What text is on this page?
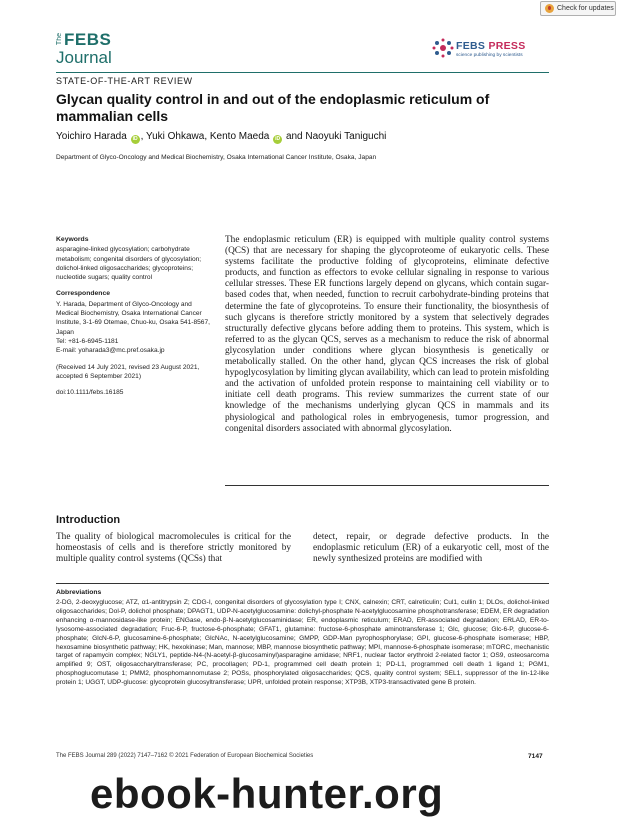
Check for updates
The FEBS
Journal
FEBS PRESS
science publishing by scientists
STATE-OF-THE-ART REVIEW
Glycan quality control in and out of the endoplasmic reticulum of mammalian cells
Yoichiro Harada iD , Yuki Ohkawa, Kento Maeda iD and Naoyuki Taniguchi
Department of Glyco-Oncology and Medical Biochemistry, Osaka International Cancer Institute, Osaka, Japan
Keywords
asparagine-linked glycosylation; carbohydrate metabolism; congenital disorders of glycosylation; dolichol-linked oligosaccharides; glycoproteins; nucleotide sugars; quality control
Correspondence
Y. Harada, Department of Glyco-Oncology and Medical Biochemistry, Osaka International Cancer Institute, 3-1-69 Otemae, Chuo-ku, Osaka 541-8567, Japan
Tel: +81-6-6945-1181
E-mail: yoharada3@mc.pref.osaka.jp
(Received 14 July 2021, revised 23 August 2021, accepted 6 September 2021)
doi:10.1111/febs.16185
The endoplasmic reticulum (ER) is equipped with multiple quality control systems (QCS) that are necessary for shaping the glycoproteome of eukaryotic cells. These systems facilitate the productive folding of glycoproteins, eliminate defective products, and function as effectors to evoke cellular signaling in response to various cellular stresses. These ER functions largely depend on glycans, which contain sugar-based codes that, when needed, function to recruit carbohydrate-binding proteins that determine the fate of glycoproteins. To ensure their functionality, the biosynthesis of such glycans is therefore strictly monitored by a system that selectively degrades structurally defective glycans before adding them to proteins. This system, which is referred to as the glycan QCS, serves as a mechanism to reduce the risk of abnormal glycosylation under conditions where glycan biosynthesis is genetically or metabolically stalled. On the other hand, glycan QCS increases the risk of global hypoglycosylation by limiting glycan availability, which can lead to protein misfolding and the activation of unfolded protein response to maintaining cell viability or to initiate cell death programs. This review summarizes the current state of our knowledge of the mechanisms underlying glycan QCS in mammals and its physiological and pathological roles in embryogenesis, tumor progression, and congenital disorders associated with abnormal glycosylation.
Introduction
The quality of biological macromolecules is critical for the homeostasis of cells and is therefore strictly monitored by multiple quality control systems (QCSs) that
detect, repair, or degrade defective products. In the endoplasmic reticulum (ER) of a eukaryotic cell, most of the newly synthesized proteins are modified with
Abbreviations
2-DG, 2-deoxyglucose; ATZ, α1-antitrypsin Z; CDG-I, congenital disorders of glycosylation type I; CNX, calnexin; CRT, calreticulin; Cul1, cullin 1; DLOs, dolichol-linked oligosaccharides; Dol-P, dolichol phosphate; DPAGT1, UDP-N-acetylglucosamine: dolichyl-phosphate N-acetylglucosamine phosphotransferase; EDEM, ER degradation enhancing α-mannosidase-like protein; ENGase, endo-β-N-acetylglucosaminidase; ER, endoplasmic reticulum; ERAD, ER-associated degradation; ERLAD, ER-to-lysosome-associated degradation; Fruc-6-P, fructose-6-phosphate; GFAT1, glutamine: fructose-6-phosphate aminotransferase 1; Glc, glucose; Glc-6-P, glucose-6-phosphate; GlcN-6-P, glucosamine-6-phosphate; GlcNAc, N-acetylglucosamine; GMPP, GDP-Man pyrophosphorylase; GPI, glucose-6-phosphate isomerase; HBP, hexosamine biosynthetic pathway; HK, hexokinase; Man, mannose; MBP, mannose biosynthetic pathway; MPI, mannose-6-phosphate isomerase; mTORC, mechanistic target of rapamycin complex; NGLY1, peptide-N4-(N-acetyl-β-glucosaminyl)asparagine amidase; NRF1, nuclear factor erythroid 2-related factor 1; OS9, osteosarcoma amplified 9; OST, oligosaccharyltransferase; PC, procollagen; PD-1, programmed cell death protein 1; PD-L1, programmed cell death 1 ligand 1; PGM1, phosphoglucomutase 1; PMM2, phosphomannomutase 2; POSs, phosphorylated oligosaccharides; QCS, quality control system; SEL1, suppressor of the lin-12-like protein 1; UGGT, UDP-glucose: glycoprotein glucosyltransferase; UPR, unfolded protein response; XTP3B, XTP3-transactivated gene B protein.
The FEBS Journal 289 (2022) 7147–7162 © 2021 Federation of European Biochemical Societies	7147
ebook-hunter.org
